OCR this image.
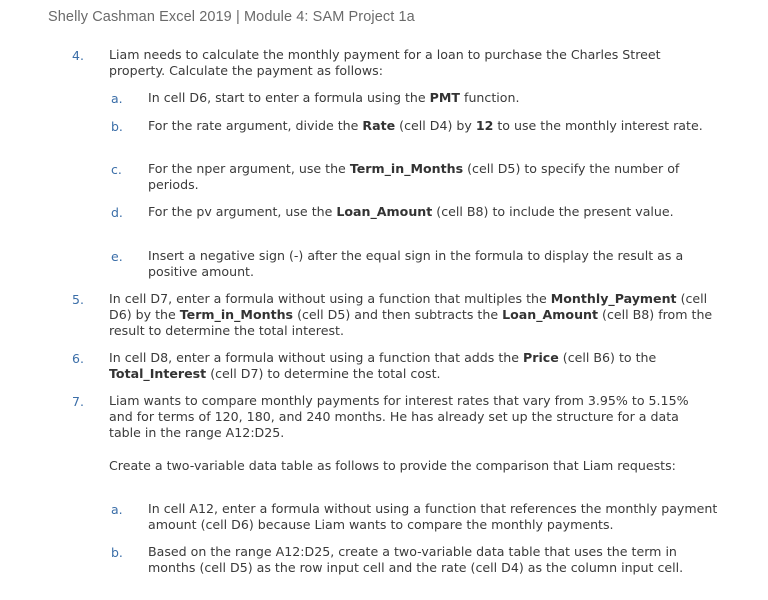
Shelly Cashman Excel 2019 | Module 4: SAM Project 1a
4.	Liam needs to calculate the monthly payment for a loan to purchase the Charles Street property. Calculate the payment as follows:
a.	In cell D6, start to enter a formula using the PMT function.
b.	For the rate argument, divide the Rate (cell D4) by 12 to use the monthly interest rate.
c.	For the nper argument, use the Term_in_Months (cell D5) to specify the number of periods.
d.	For the pv argument, use the Loan_Amount (cell B8) to include the present value.
e.	Insert a negative sign (-) after the equal sign in the formula to display the result as a positive amount.
5.	In cell D7, enter a formula without using a function that multiples the Monthly_Payment (cell D6) by the Term_in_Months (cell D5) and then subtracts the Loan_Amount (cell B8) from the result to determine the total interest.
6.	In cell D8, enter a formula without using a function that adds the Price (cell B6) to the Total_Interest (cell D7) to determine the total cost.
7.	Liam wants to compare monthly payments for interest rates that vary from 3.95% to 5.15% and for terms of 120, 180, and 240 months. He has already set up the structure for a data table in the range A12:D25.
Create a two-variable data table as follows to provide the comparison that Liam requests:
a.	In cell A12, enter a formula without using a function that references the monthly payment amount (cell D6) because Liam wants to compare the monthly payments.
b.	Based on the range A12:D25, create a two-variable data table that uses the term in months (cell D5) as the row input cell and the rate (cell D4) as the column input cell.
